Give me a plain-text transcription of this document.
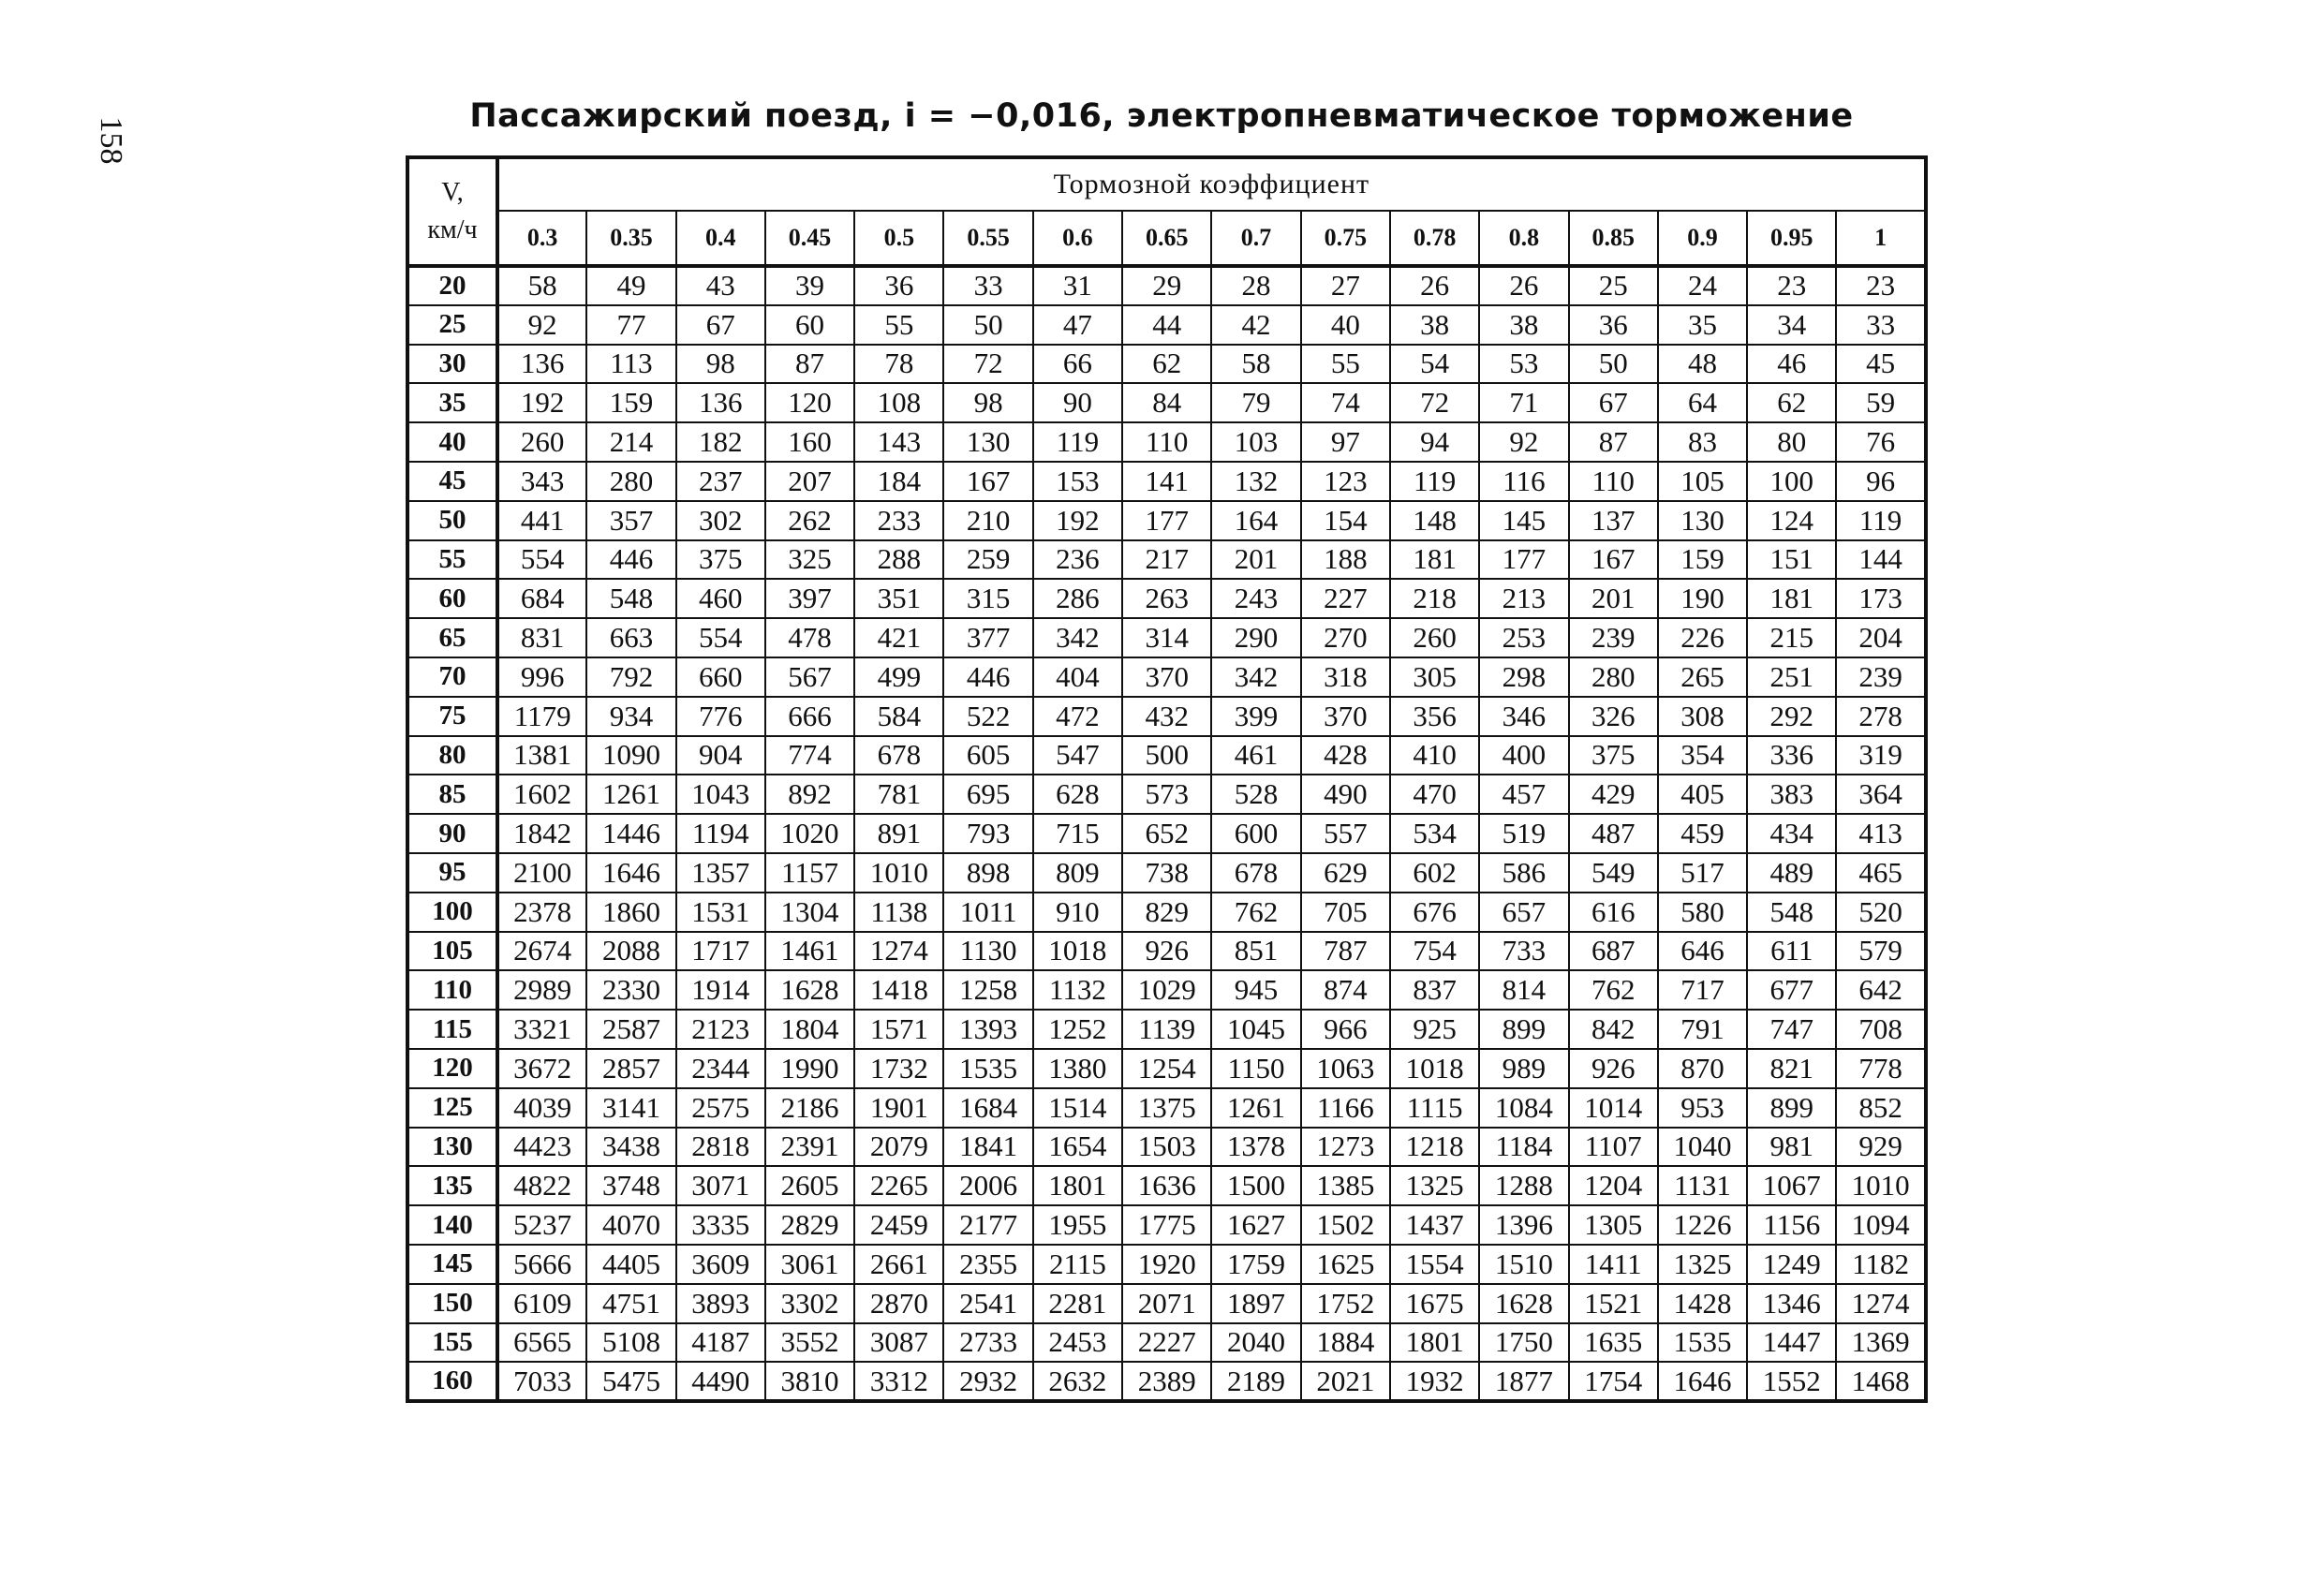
158
Пассажирский поезд, i = −0,016, электропневматическое торможение
V,
км/ч	Тормозной коэффициент															
	0.3	0.35	0.4	0.45	0.5	0.55	0.6	0.65	0.7	0.75	0.78	0.8	0.85	0.9	0.95	1
20	58	49	43	39	36	33	31	29	28	27	26	26	25	24	23	23
25	92	77	67	60	55	50	47	44	42	40	38	38	36	35	34	33
30	136	113	98	87	78	72	66	62	58	55	54	53	50	48	46	45
35	192	159	136	120	108	98	90	84	79	74	72	71	67	64	62	59
40	260	214	182	160	143	130	119	110	103	97	94	92	87	83	80	76
45	343	280	237	207	184	167	153	141	132	123	119	116	110	105	100	96
50	441	357	302	262	233	210	192	177	164	154	148	145	137	130	124	119
55	554	446	375	325	288	259	236	217	201	188	181	177	167	159	151	144
60	684	548	460	397	351	315	286	263	243	227	218	213	201	190	181	173
65	831	663	554	478	421	377	342	314	290	270	260	253	239	226	215	204
70	996	792	660	567	499	446	404	370	342	318	305	298	280	265	251	239
75	1179	934	776	666	584	522	472	432	399	370	356	346	326	308	292	278
80	1381	1090	904	774	678	605	547	500	461	428	410	400	375	354	336	319
85	1602	1261	1043	892	781	695	628	573	528	490	470	457	429	405	383	364
90	1842	1446	1194	1020	891	793	715	652	600	557	534	519	487	459	434	413
95	2100	1646	1357	1157	1010	898	809	738	678	629	602	586	549	517	489	465
100	2378	1860	1531	1304	1138	1011	910	829	762	705	676	657	616	580	548	520
105	2674	2088	1717	1461	1274	1130	1018	926	851	787	754	733	687	646	611	579
110	2989	2330	1914	1628	1418	1258	1132	1029	945	874	837	814	762	717	677	642
115	3321	2587	2123	1804	1571	1393	1252	1139	1045	966	925	899	842	791	747	708
120	3672	2857	2344	1990	1732	1535	1380	1254	1150	1063	1018	989	926	870	821	778
125	4039	3141	2575	2186	1901	1684	1514	1375	1261	1166	1115	1084	1014	953	899	852
130	4423	3438	2818	2391	2079	1841	1654	1503	1378	1273	1218	1184	1107	1040	981	929
135	4822	3748	3071	2605	2265	2006	1801	1636	1500	1385	1325	1288	1204	1131	1067	1010
140	5237	4070	3335	2829	2459	2177	1955	1775	1627	1502	1437	1396	1305	1226	1156	1094
145	5666	4405	3609	3061	2661	2355	2115	1920	1759	1625	1554	1510	1411	1325	1249	1182
150	6109	4751	3893	3302	2870	2541	2281	2071	1897	1752	1675	1628	1521	1428	1346	1274
155	6565	5108	4187	3552	3087	2733	2453	2227	2040	1884	1801	1750	1635	1535	1447	1369
160	7033	5475	4490	3810	3312	2932	2632	2389	2189	2021	1932	1877	1754	1646	1552	1468
